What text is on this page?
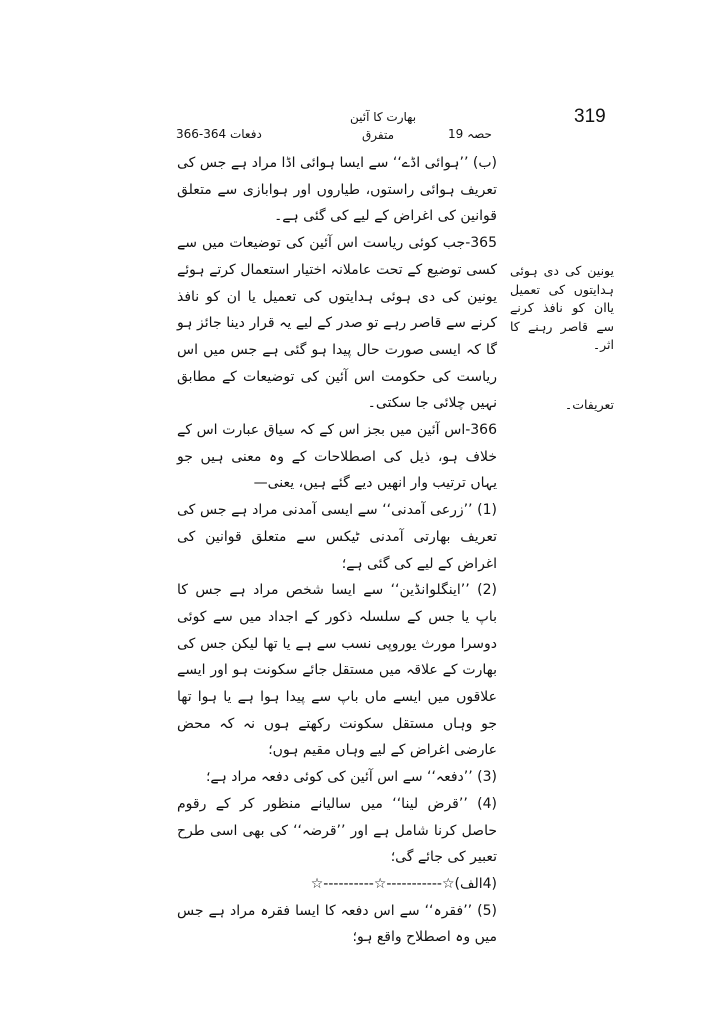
319
بھارت کا آئین
متفرق	حصہ 19
دفعات 364-366
یونین کی دی ہوئی ہدایتوں کی تعمیل یاان کو نافذ کرنے سے قاصر رہنے کا اثر۔
تعریفات۔

(ب) ’’ہوائی اڈے‘‘ سے ایسا ہوائی اڈا مراد ہے جس کی تعریف ہوائی راستوں، طیاروں اور ہوابازی سے متعلق قوانین کی اغراض کے لیے کی گئی ہے۔

365-جب کوئی ریاست اس آئین کی توضیعات میں سے کسی توضیع کے تحت عاملانہ اختیار استعمال کرتے ہوئے یونین کی دی ہوئی ہدایتوں کی تعمیل یا ان کو نافذ کرنے سے قاصر رہے تو صدر کے لیے یہ قرار دینا جائز ہو گا کہ ایسی صورت حال پیدا ہو گئی ہے جس میں اس ریاست کی حکومت اس آئین کی توضیعات کے مطابق نہیں چلائی جا سکتی۔

366-اس آئین میں بجز اس کے کہ سیاق عبارت اس کے خلاف ہو، ذیل کی اصطلاحات کے وہ معنی ہیں جو یہاں ترتیب وار انھیں دیے گئے ہیں، یعنی—

(1) ’’زرعی آمدنی‘‘ سے ایسی آمدنی مراد ہے جس کی تعریف بھارتی آمدنی ٹیکس سے متعلق قوانین کی اغراض کے لیے کی گئی ہے؛

(2) ’’اینگلوانڈین‘‘ سے ایسا شخص مراد ہے جس کا باپ یا جس کے سلسلہ ذکور کے اجداد میں سے کوئی دوسرا مورث یوروپی نسب سے ہے یا تھا لیکن جس کی بھارت کے علاقہ میں مستقل جائے سکونت ہو اور ایسے علاقوں میں ایسے ماں باپ سے پیدا ہوا ہے یا ہوا تھا جو وہاں مستقل سکونت رکھتے ہوں نہ کہ محض عارضی اغراض کے لیے وہاں مقیم ہوں؛

(3) ’’دفعہ‘‘ سے اس آئین کی کوئی دفعہ مراد ہے؛

(4) ’’قرض لینا‘‘ میں سالیانے منظور کر کے رقوم حاصل کرنا شامل ہے اور ’’قرضہ‘‘ کی بھی اسی طرح تعبیر کی جائے گی؛

(4الف)☆-----------☆----------☆

(5) ’’فقرہ‘‘ سے اس دفعہ کا ایسا فقرہ مراد ہے جس میں وہ اصطلاح واقع ہو؛
